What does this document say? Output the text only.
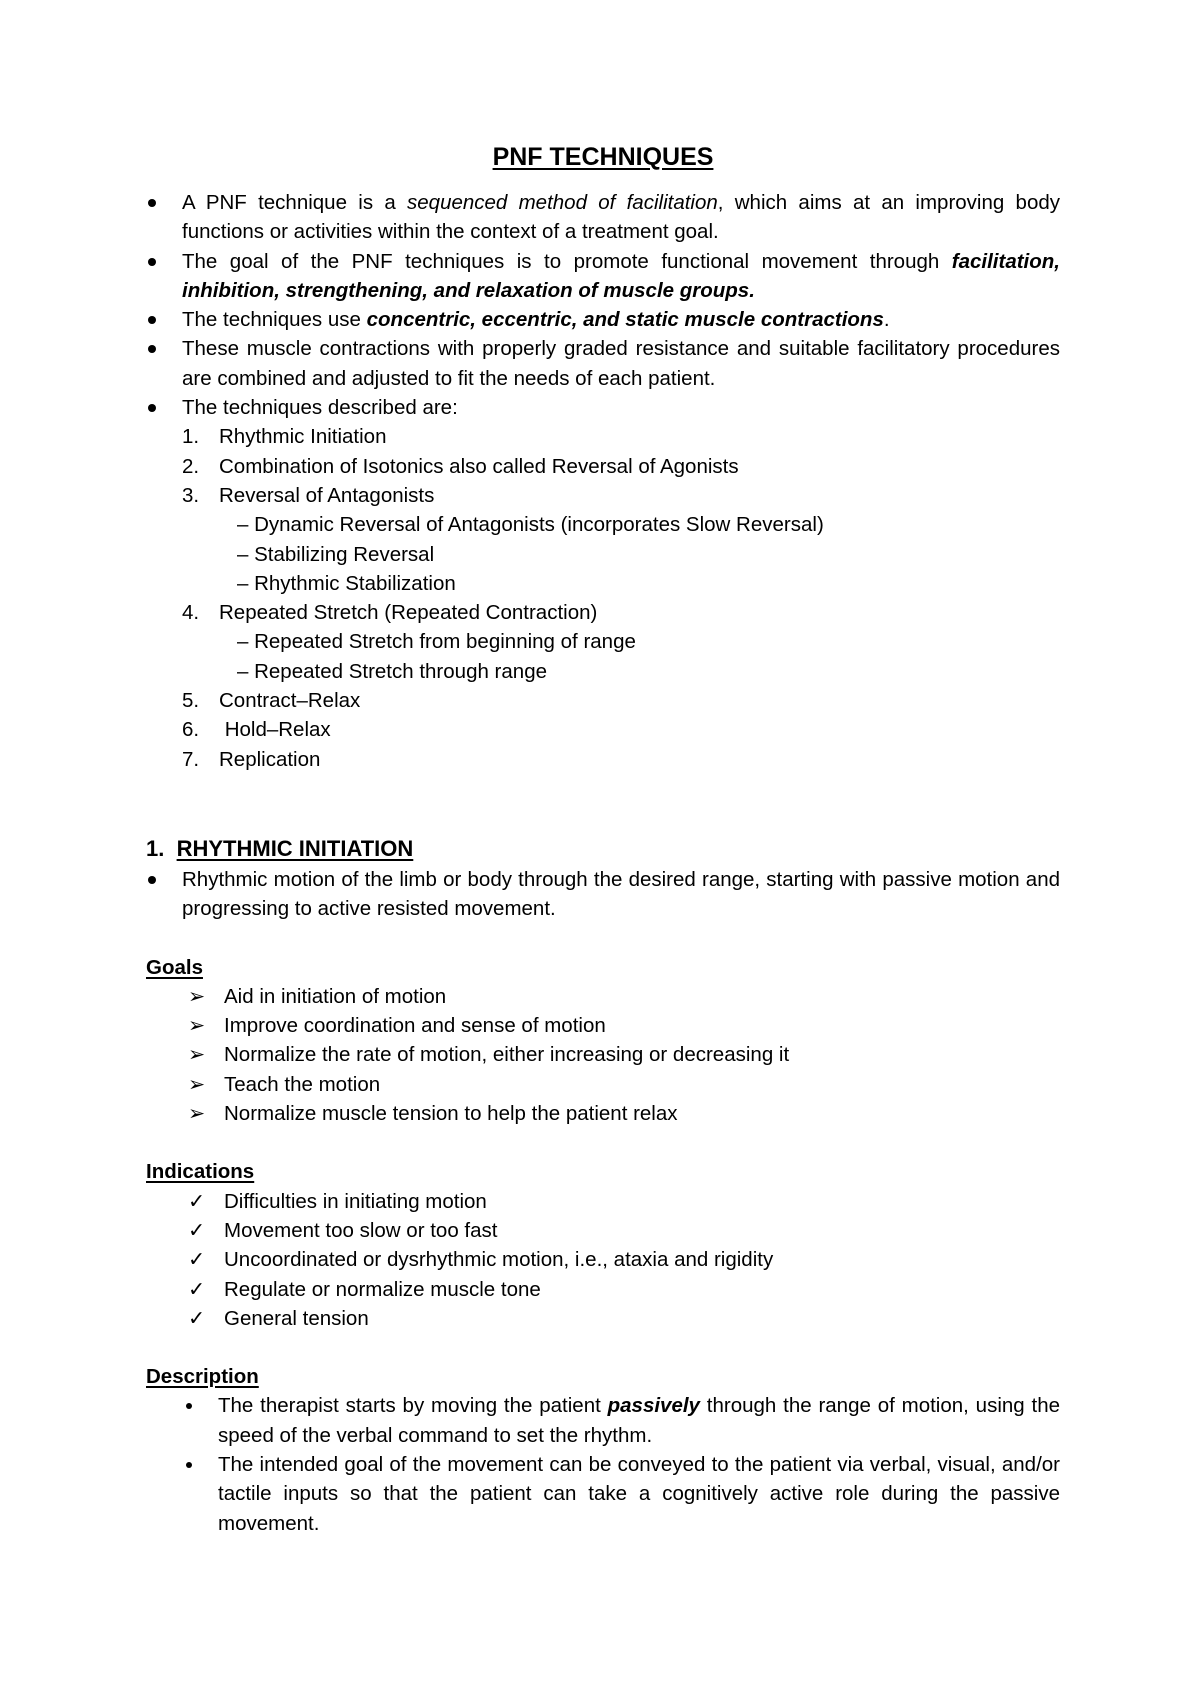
PNF TECHNIQUES
A PNF technique is a sequenced method of facilitation, which aims at an improving body functions or activities within the context of a treatment goal.
The goal of the PNF techniques is to promote functional movement through facilitation, inhibition, strengthening, and relaxation of muscle groups.
The techniques use concentric, eccentric, and static muscle contractions.
These muscle contractions with properly graded resistance and suitable facilitatory procedures are combined and adjusted to fit the needs of each patient.
The techniques described are:
1. Rhythmic Initiation
2. Combination of Isotonics also called Reversal of Agonists
3. Reversal of Antagonists
– Dynamic Reversal of Antagonists (incorporates Slow Reversal)
– Stabilizing Reversal
– Rhythmic Stabilization
4. Repeated Stretch (Repeated Contraction)
– Repeated Stretch from beginning of range
– Repeated Stretch through range
5. Contract–Relax
6. Hold–Relax
7. Replication
1. RHYTHMIC INITIATION
Rhythmic motion of the limb or body through the desired range, starting with passive motion and progressing to active resisted movement.
Goals
➢ Aid in initiation of motion
➢ Improve coordination and sense of motion
➢ Normalize the rate of motion, either increasing or decreasing it
➢ Teach the motion
➢ Normalize muscle tension to help the patient relax
Indications
✓ Difficulties in initiating motion
✓ Movement too slow or too fast
✓ Uncoordinated or dysrhythmic motion, i.e., ataxia and rigidity
✓ Regulate or normalize muscle tone
✓ General tension
Description
The therapist starts by moving the patient passively through the range of motion, using the speed of the verbal command to set the rhythm.
The intended goal of the movement can be conveyed to the patient via verbal, visual, and/or tactile inputs so that the patient can take a cognitively active role during the passive movement.
